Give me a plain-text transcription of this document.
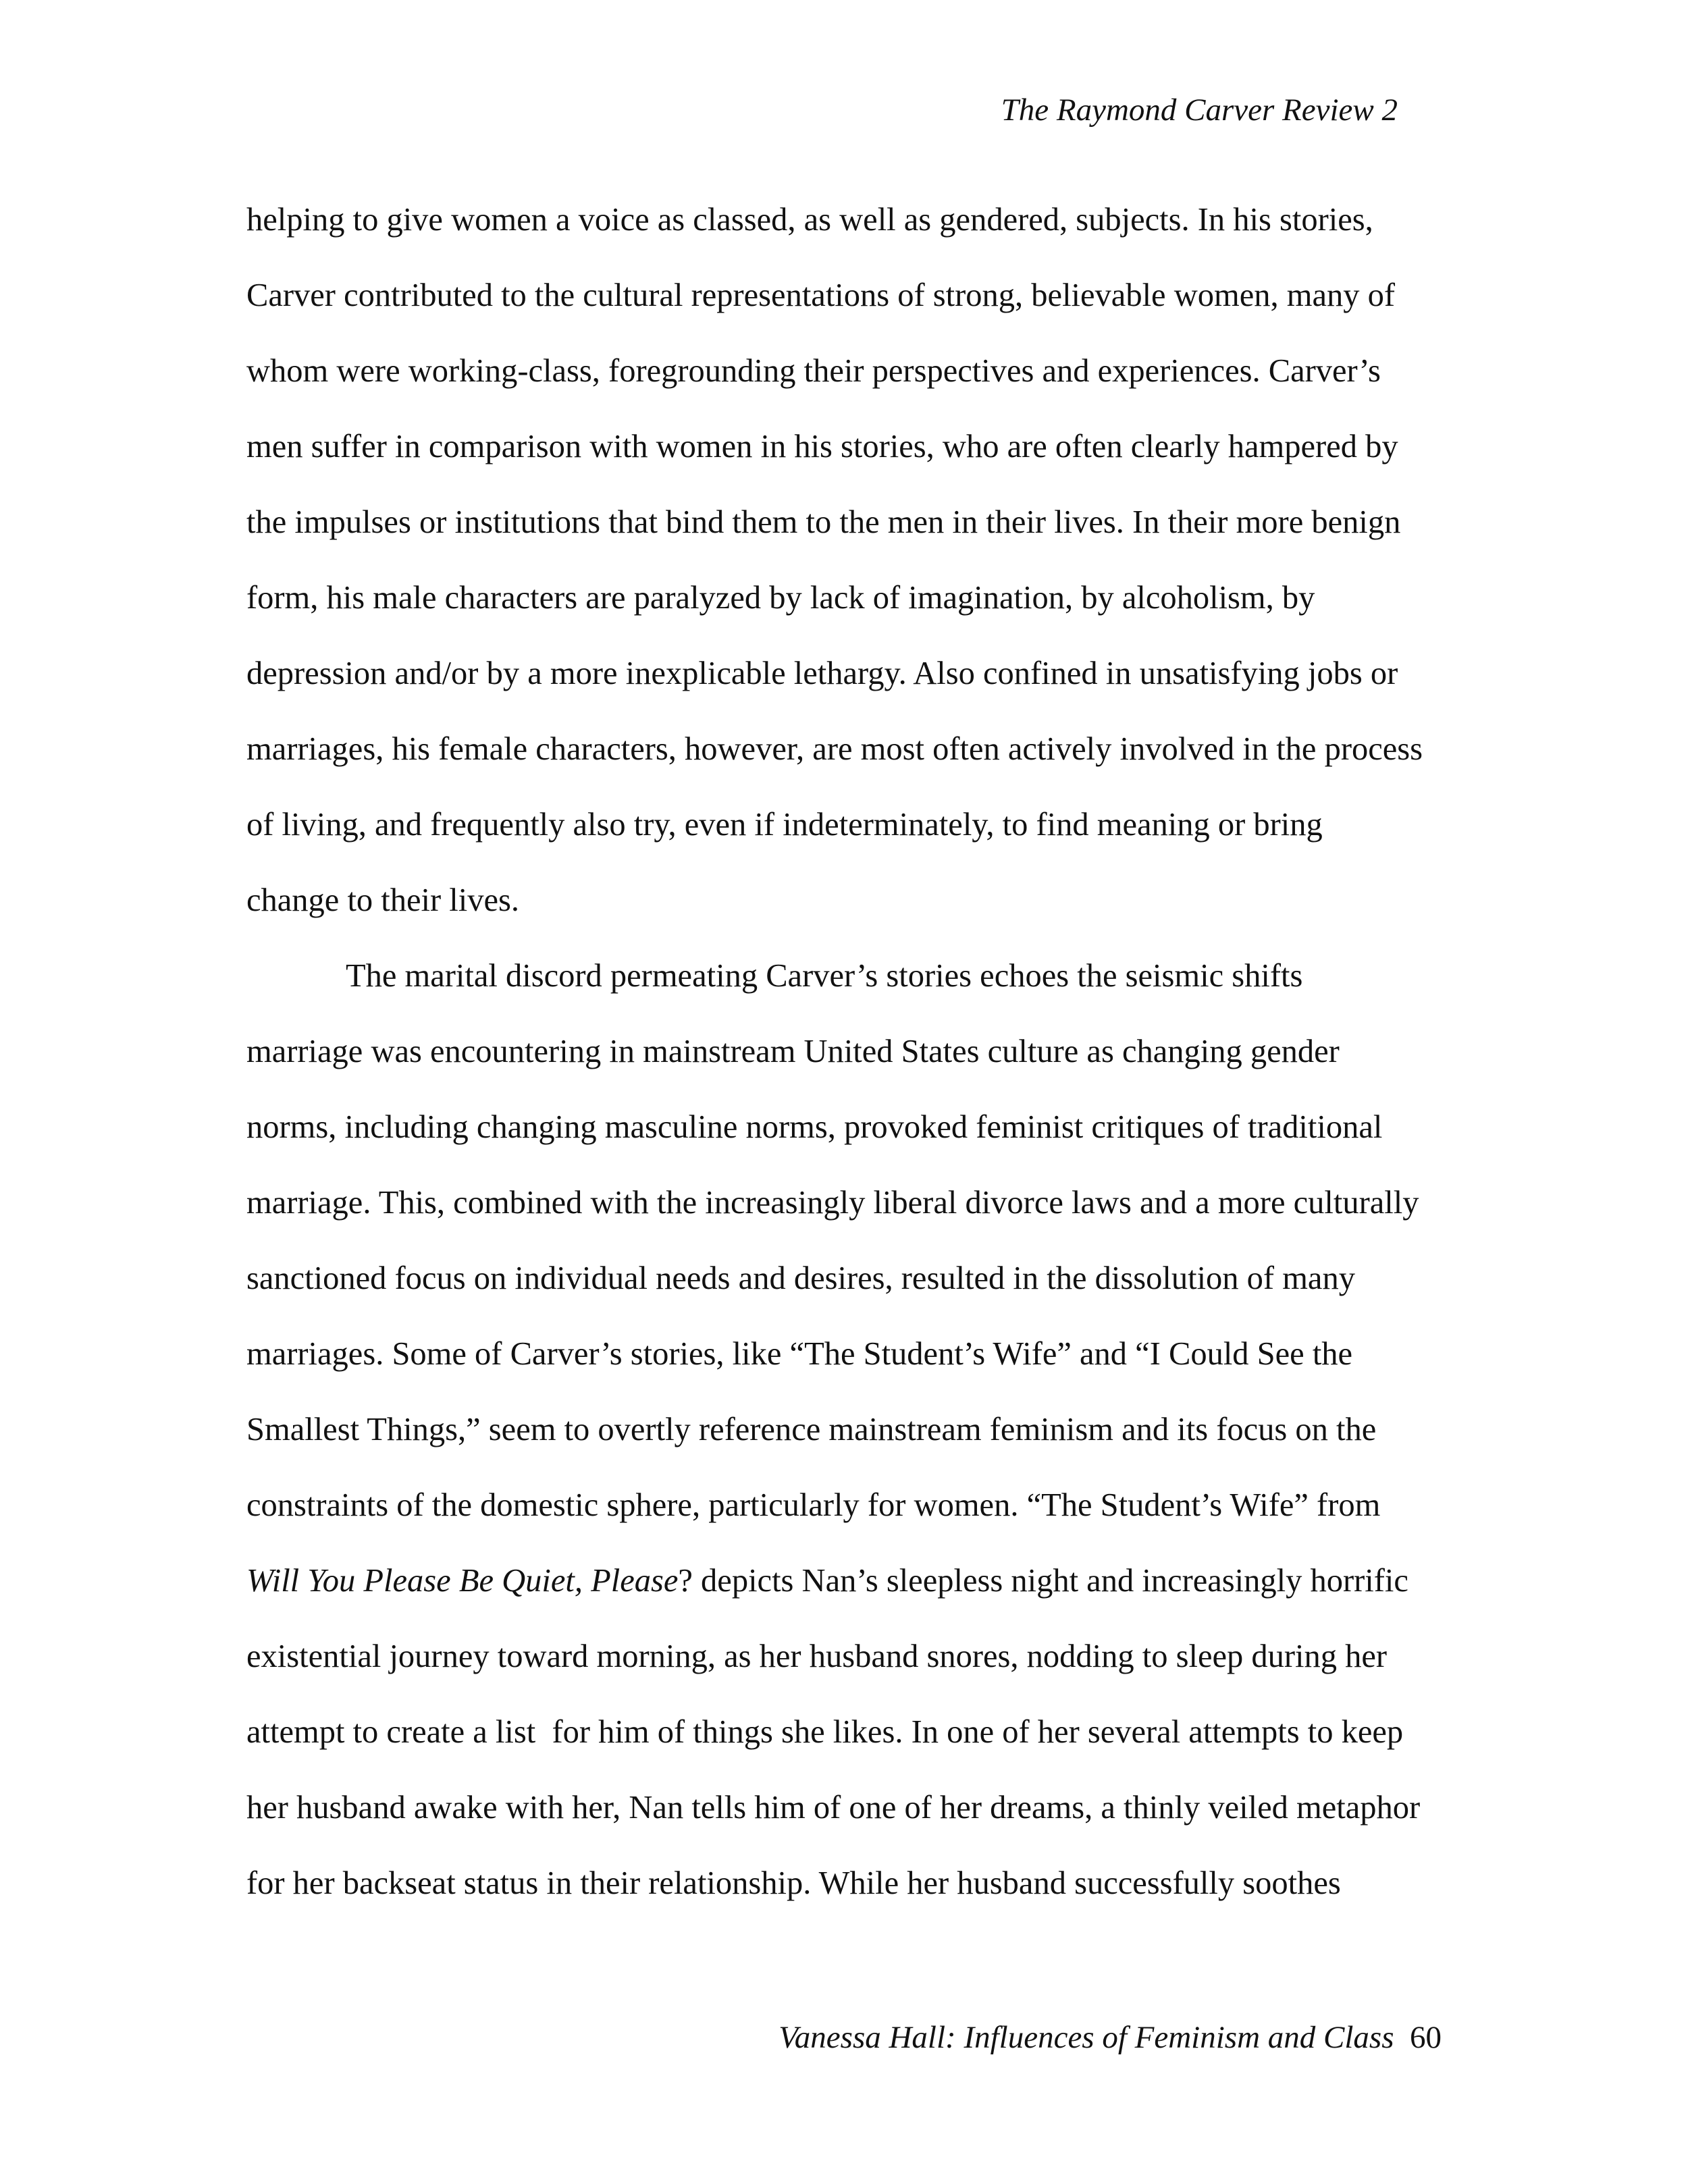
The Raymond Carver Review 2
helping to give women a voice as classed, as well as gendered, subjects. In his stories,
Carver contributed to the cultural representations of strong, believable women, many of
whom were working-class, foregrounding their perspectives and experiences. Carver’s
men suffer in comparison with women in his stories, who are often clearly hampered by
the impulses or institutions that bind them to the men in their lives. In their more benign
form, his male characters are paralyzed by lack of imagination, by alcoholism, by
depression and/or by a more inexplicable lethargy. Also confined in unsatisfying jobs or
marriages, his female characters, however, are most often actively involved in the process
of living, and frequently also try, even if indeterminately, to find meaning or bring
change to their lives.
The marital discord permeating Carver’s stories echoes the seismic shifts
marriage was encountering in mainstream United States culture as changing gender
norms, including changing masculine norms, provoked feminist critiques of traditional
marriage. This, combined with the increasingly liberal divorce laws and a more culturally
sanctioned focus on individual needs and desires, resulted in the dissolution of many
marriages. Some of Carver’s stories, like “The Student’s Wife” and “I Could See the
Smallest Things,” seem to overtly reference mainstream feminism and its focus on the
constraints of the domestic sphere, particularly for women. “The Student’s Wife” from
Will You Please Be Quiet, Please? depicts Nan’s sleepless night and increasingly horrific
existential journey toward morning, as her husband snores, nodding to sleep during her
attempt to create a list  for him of things she likes. In one of her several attempts to keep
her husband awake with her, Nan tells him of one of her dreams, a thinly veiled metaphor
for her backseat status in their relationship. While her husband successfully soothes
Vanessa Hall: Influences of Feminism and Class 60
